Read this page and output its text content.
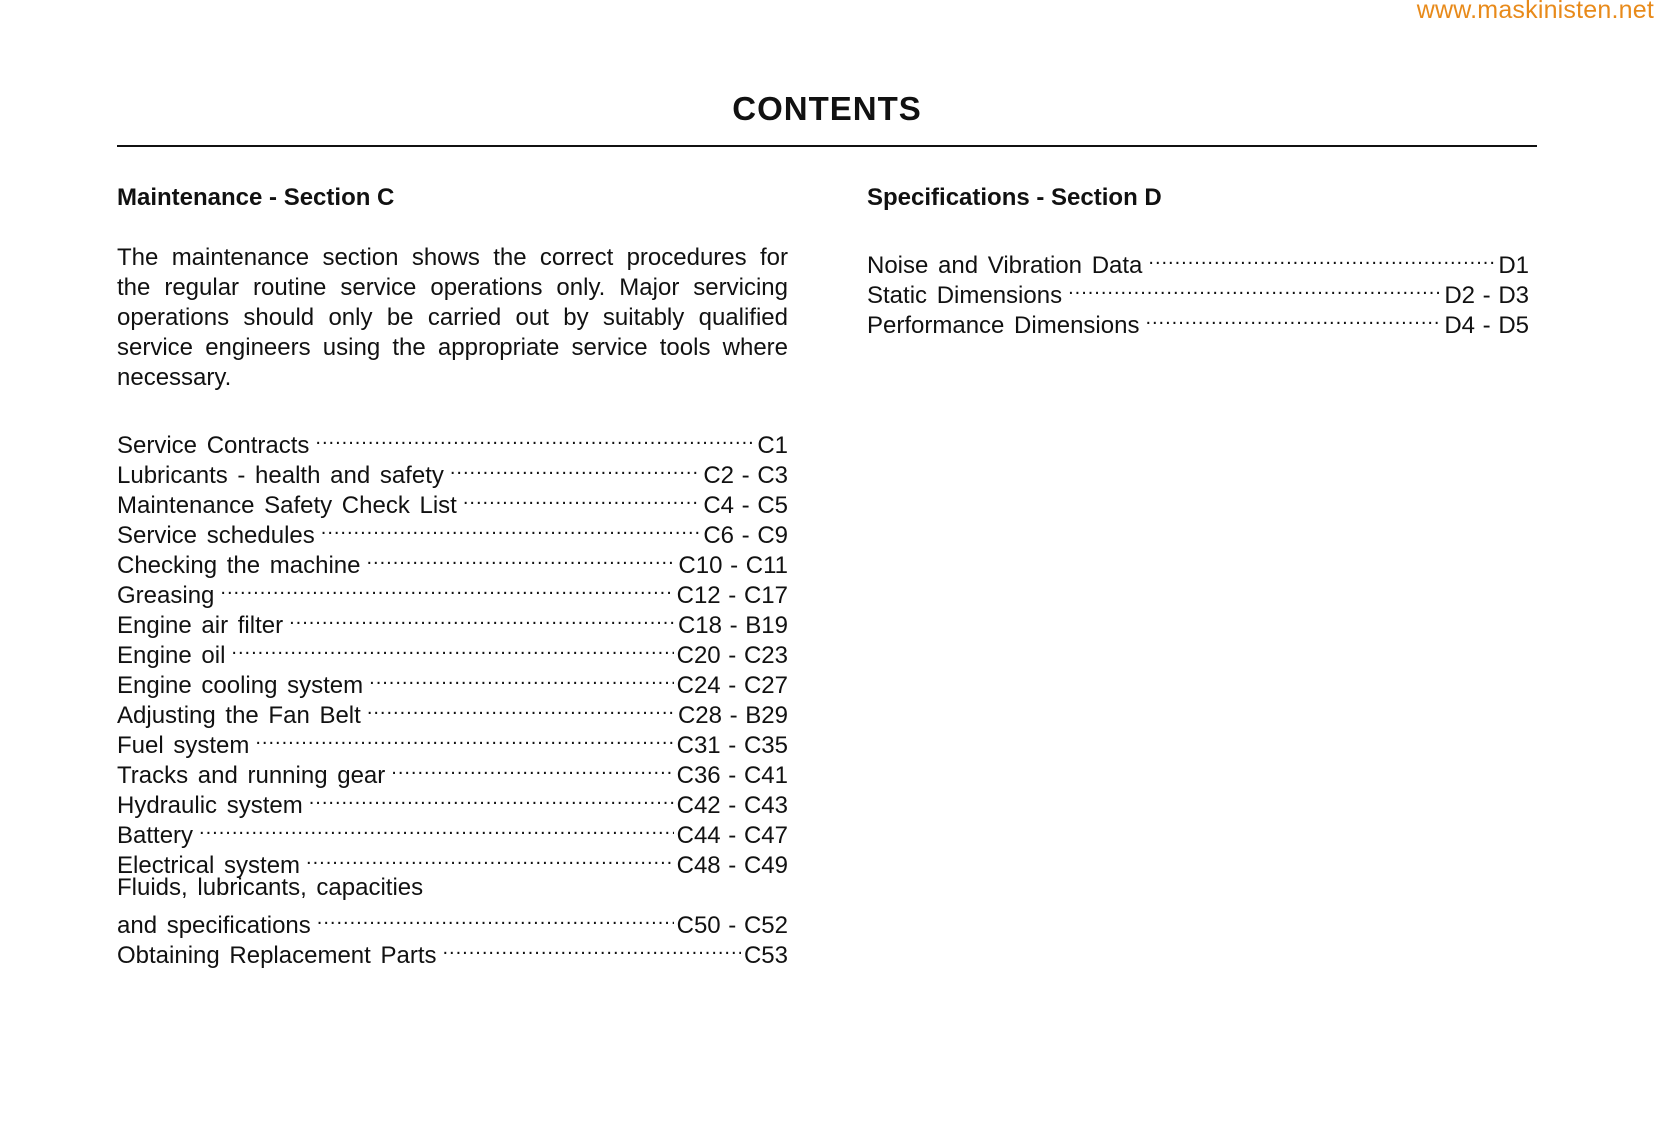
www.maskinisten.net
CONTENTS
Maintenance - Section C

The maintenance section shows the correct procedures for the regular routine service operations only. Major servicing operations should only be carried out by suitably qualified service engineers using the appropriate service tools where necessary.

Service Contracts .....	C1
Lubricants - health and safety .....	C2 - C3
Maintenance Safety Check List .....	C4 - C5
Service schedules .....	C6 - C9
Checking the machine .....	C10 - C11
Greasing .....	C12 - C17
Engine air filter .....	C18 - B19
Engine oil .....	C20 - C23
Engine cooling system .....	C24 - C27
Adjusting the Fan Belt .....	C28 - B29
Fuel system .....	C31 - C35
Tracks and running gear .....	C36 - C41
Hydraulic system .....	C42 - C43
Battery .....	C44 - C47
Electrical system .....	C48 - C49
Fluids, lubricants, capacities
and specifications .....	C50 - C52
Obtaining Replacement Parts .....	C53
Specifications - Section D
Noise and Vibration Data .....	D1
Static Dimensions .....	D2 - D3
Performance Dimensions .....	D4 - D5
